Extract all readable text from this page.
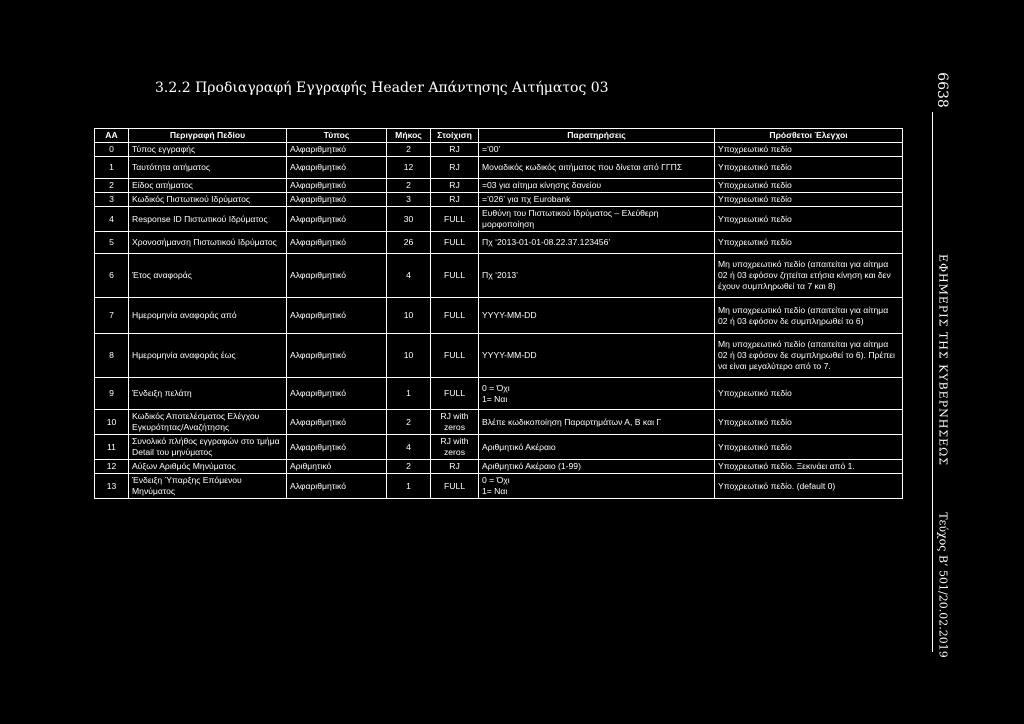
3.2.2 Προδιαγραφή Εγγραφής Header Απάντησης Αιτήματος 03	6638
ΕΦΗΜΕΡΙΣ ΤΗΣ ΚΥΒΕΡΝΗΣΕΩΣ
Τεύχος Β’ 501/20.02.2019
ΑΑ	Περιγραφή Πεδίου	Τύπος	Μήκος	Στοίχιση	Παρατηρήσεις	Πρόσθετοι Έλεγχοι
0	Τύπος εγγραφής	Αλφαριθμητικό	2	RJ	=’00’	Υποχρεωτικό πεδίο
1	Ταυτότητα αιτήματος	Αλφαριθμητικό	12	RJ	Μοναδικός κωδικός αιτήματος που δίνεται από ΓΓΠΣ	Υποχρεωτικό πεδίο
2	Είδος αιτήματος	Αλφαριθμητικό	2	RJ	=03 για αίτημα κίνησης δανείου	Υποχρεωτικό πεδίο
3	Κωδικός Πιστωτικού Ιδρύματος	Αλφαριθμητικό	3	RJ	=’026’ για πχ Eurobank	Υποχρεωτικό πεδίο
4	Response ID Πιστωτικού Ιδρύματος	Αλφαριθμητικό	30	FULL	Ευθύνη του Πιστωτικού Ιδρύματος – Ελεύθερη μορφοποίηση	Υποχρεωτικό πεδίο
5	Χρονοσήμανση Πιστωτικού Ιδρύματος	Αλφαριθμητικό	26	FULL	Πχ ‘2013-01-01-08.22.37.123456’	Υποχρεωτικό πεδίο
6	Έτος αναφοράς	Αλφαριθμητικό	4	FULL	Πχ ‘2013’	Μη υποχρεωτικό πεδίο (απαιτείται για αίτημα 02 ή 03 εφόσον ζητείται ετήσια κίνηση και δεν έχουν συμπληρωθεί τα 7 και 8)
7	Ημερομηνία αναφοράς από	Αλφαριθμητικό	10	FULL	YYYY-MM-DD	Μη υποχρεωτικό πεδίο (απαιτείται για αίτημα 02 ή 03 εφόσον δε συμπληρωθεί το 6)
8	Ημερομηνία αναφοράς έως	Αλφαριθμητικό	10	FULL	YYYY-MM-DD	Μη υποχρεωτικό πεδίο (απαιτείται για αίτημα 02 ή 03 εφόσον δε συμπληρωθεί το 6). Πρέπει να είναι μεγαλύτερο από το 7.
9	Ένδειξη πελάτη	Αλφαριθμητικό	1	FULL	0 = Όχι
1= Ναι	Υποχρεωτικό πεδίο
10	Κωδικός Αποτελέσματος Ελέγχου Εγκυρότητας/Αναζήτησης	Αλφαριθμητικό	2	RJ with zeros	Βλέπε κωδικοποίηση Παραρτημάτων Α, Β και Γ	Υποχρεωτικό πεδίο
11	Συνολικό πλήθος εγγραφών στο τμήμα Detail του μηνύματος	Αλφαριθμητικό	4	RJ with zeros	Αριθμητικό Ακέραιο	Υποχρεωτικό πεδίο
12	Αύξων Αριθμός Μηνύματος	Αριθμητικό	2	RJ	Αριθμητικό Ακέραιο (1-99)	Υποχρεωτικό πεδίο. Ξεκινάει από 1.
13	Ένδειξη Ύπαρξης Επόμενου Μηνύματος	Αλφαριθμητικό	1	FULL	0 = Όχι
1= Ναι	Υποχρεωτικό πεδίο. (default 0)
